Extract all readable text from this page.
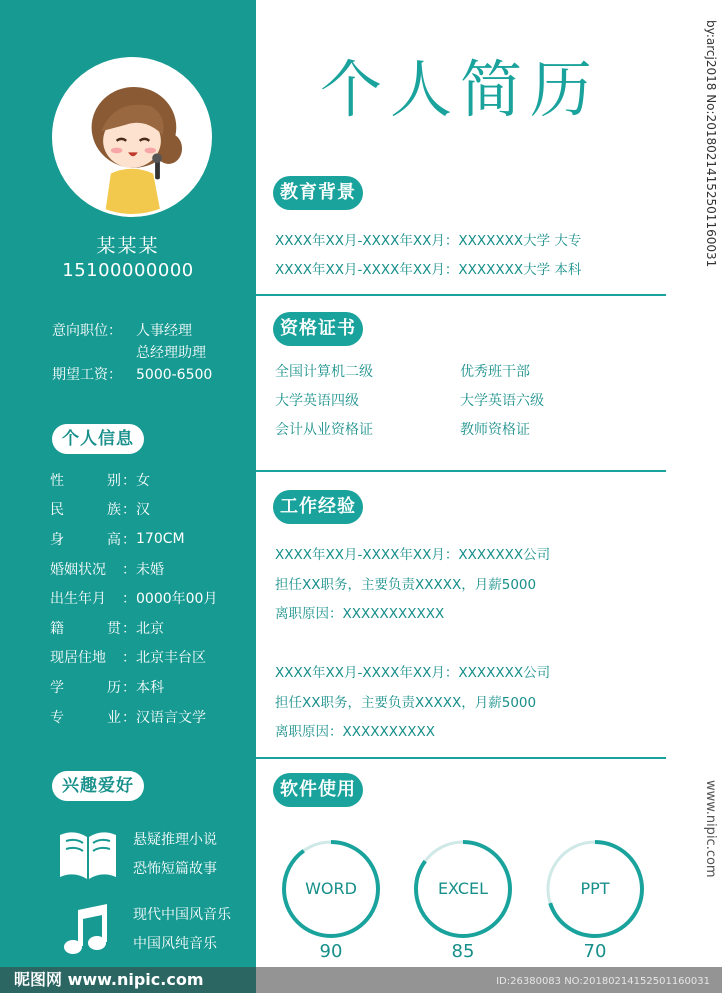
某某某
15100000000
意向职位：	人事经理
总经理助理
期望工资：	5000-6500
个人信息
性	别 ： 女
民	族 ： 汉
身	高 ： 170CM
婚姻状况 ： 未婚
出生年月 ： 0000年00月
籍	贯 ： 北京
现居住地 ： 北京丰台区
学	历 ： 本科
专	业 ： 汉语言文学
兴趣爱好
悬疑推理小说
恐怖短篇故事
现代中国风音乐
中国风纯音乐
个人简历
教育背景
XXXX年XX月-XXXX年XX月：XXXXXXX大学 大专
XXXX年XX月-XXXX年XX月：XXXXXXX大学 本科
资格证书
全国计算机二级	优秀班干部
大学英语四级	大学英语六级
会计从业资格证	教师资格证
工作经验
XXXX年XX月-XXXX年XX月：XXXXXXX公司
担任XX职务，主要负责XXXXX，月薪5000
离职原因：XXXXXXXXXXX
XXXX年XX月-XXXX年XX月：XXXXXXX公司
担任XX职务，主要负责XXXXX，月薪5000
离职原因：XXXXXXXXXX
软件使用
WORD
90
EXCEL
85
PPT
70
by:arcj2018 No:20180214152501160031
www.nipic.com
昵图网 www.nipic.com	ID:26380083 NO:20180214152501160031
